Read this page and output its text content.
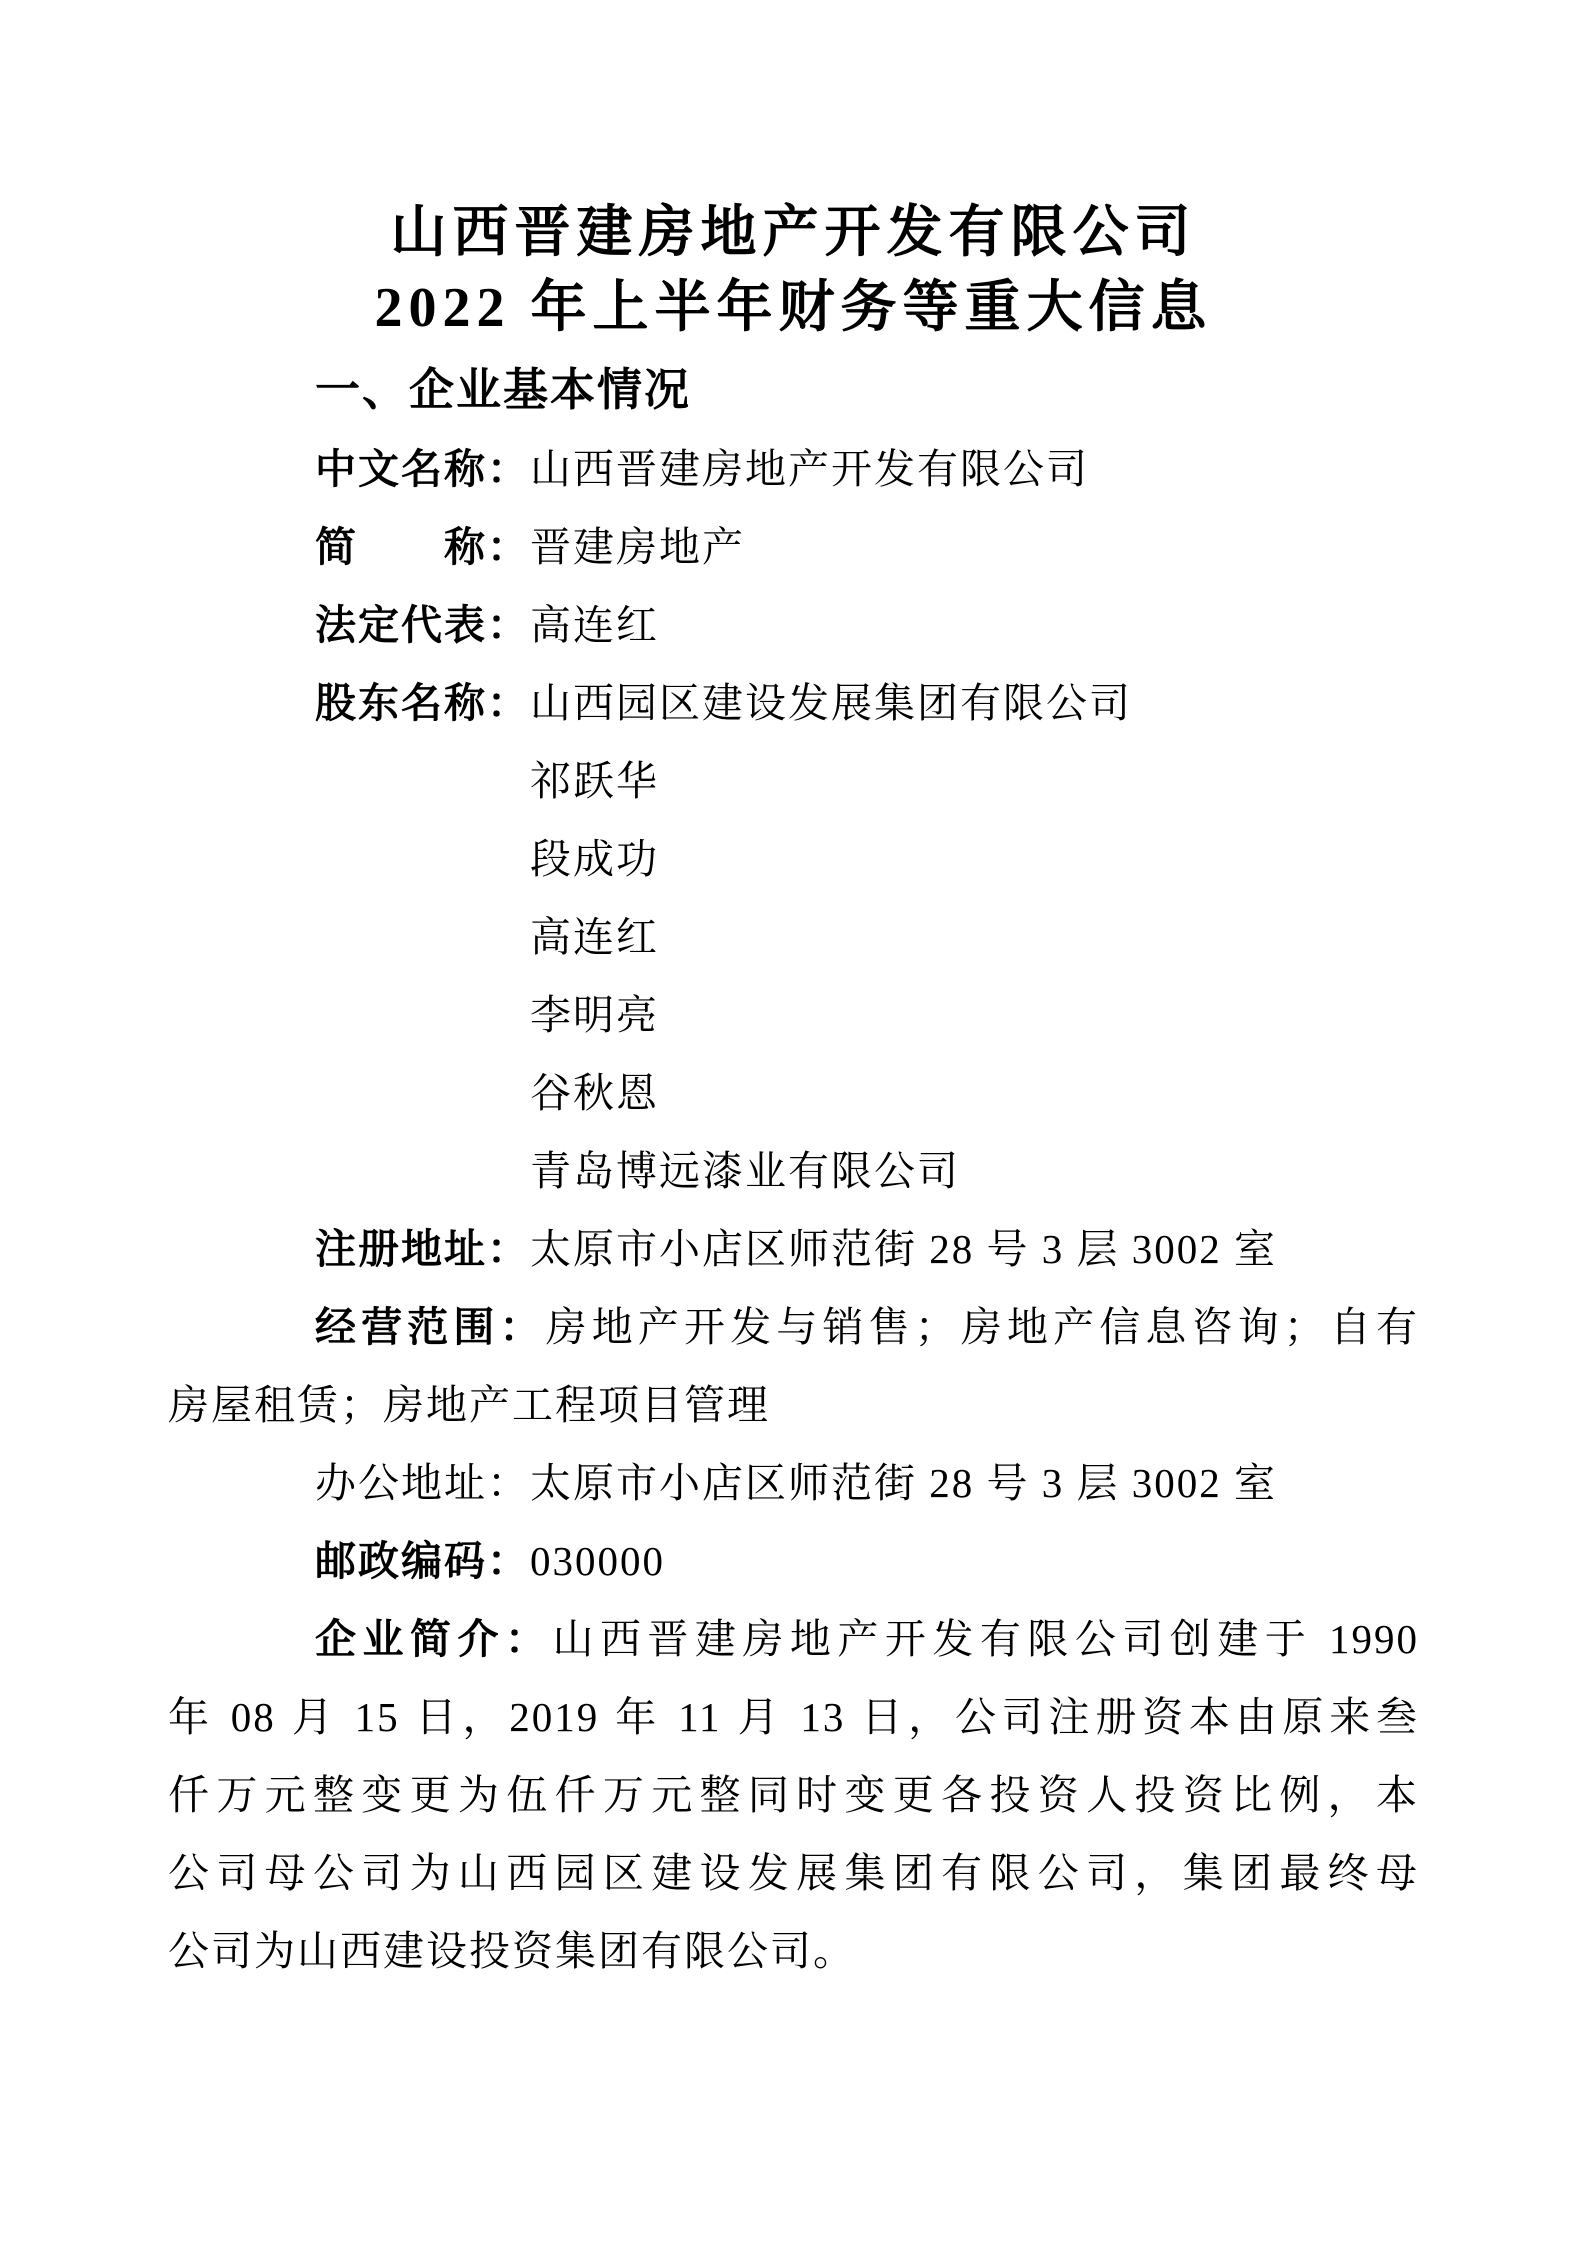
山西晋建房地产开发有限公司
2022 年上半年财务等重大信息
一、企业基本情况
中文名称：山西晋建房地产开发有限公司
简　　称：晋建房地产
法定代表：高连红
股东名称：山西园区建设发展集团有限公司
祁跃华
段成功
高连红
李明亮
谷秋恩
青岛博远漆业有限公司
注册地址：太原市小店区师范街 28 号 3 层 3002 室
经营范围：房地产开发与销售；房地产信息咨询；自有
房屋租赁；房地产工程项目管理
办公地址：太原市小店区师范街 28 号 3 层 3002 室
邮政编码：030000
企业简介：山西晋建房地产开发有限公司创建于 1990
年 08 月 15 日，2019 年 11 月 13 日，公司注册资本由原来叁
仟万元整变更为伍仟万元整同时变更各投资人投资比例，本
公司母公司为山西园区建设发展集团有限公司，集团最终母
公司为山西建设投资集团有限公司。
